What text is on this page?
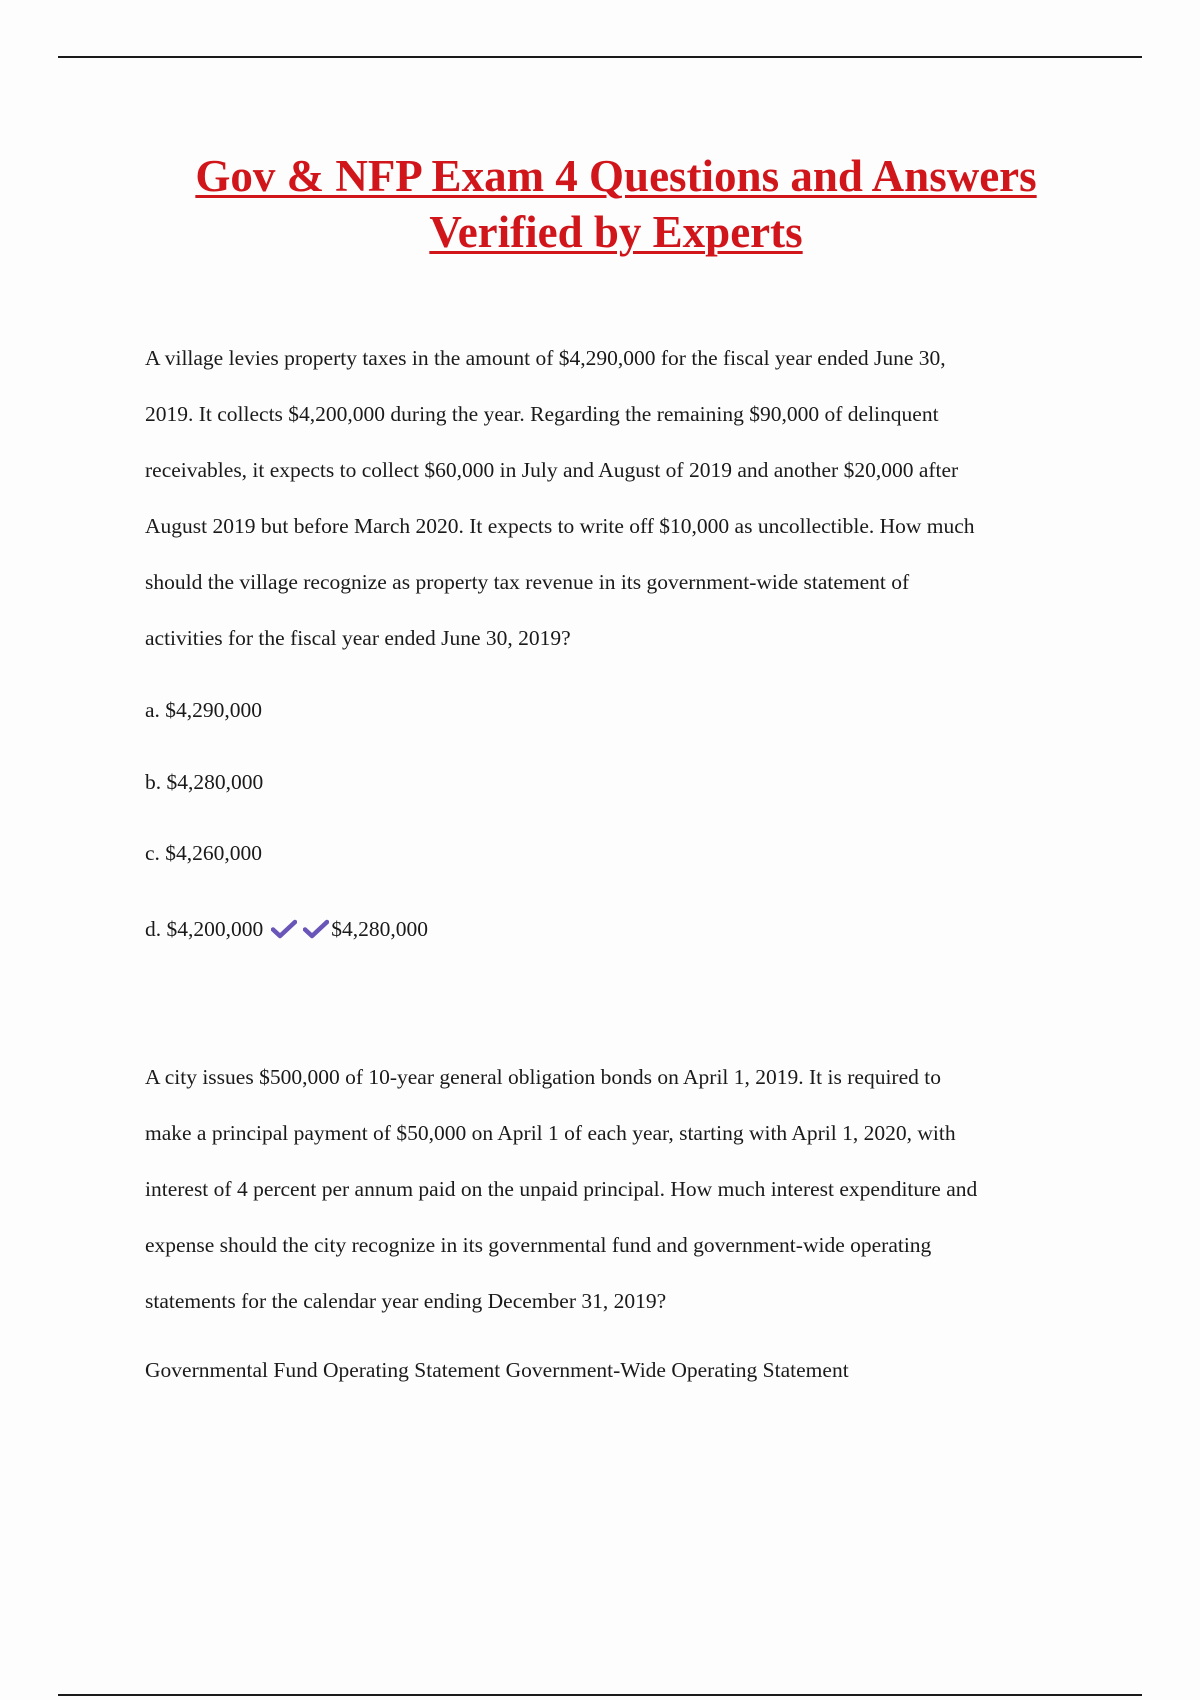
Gov & NFP Exam 4 Questions and Answers
Verified by Experts
A village levies property taxes in the amount of $4,290,000 for the fiscal year ended June 30,
2019. It collects $4,200,000 during the year. Regarding the remaining $90,000 of delinquent
receivables, it expects to collect $60,000 in July and August of 2019 and another $20,000 after
August 2019 but before March 2020. It expects to write off $10,000 as uncollectible. How much
should the village recognize as property tax revenue in its government-wide statement of
activities for the fiscal year ended June 30, 2019?
a. $4,290,000
b. $4,280,000
c. $4,260,000
d. $4,200,000	$4,280,000
A city issues $500,000 of 10-year general obligation bonds on April 1, 2019. It is required to
make a principal payment of $50,000 on April 1 of each year, starting with April 1, 2020, with
interest of 4 percent per annum paid on the unpaid principal. How much interest expenditure and
expense should the city recognize in its governmental fund and government-wide operating
statements for the calendar year ending December 31, 2019?
Governmental Fund Operating Statement Government-Wide Operating Statement
